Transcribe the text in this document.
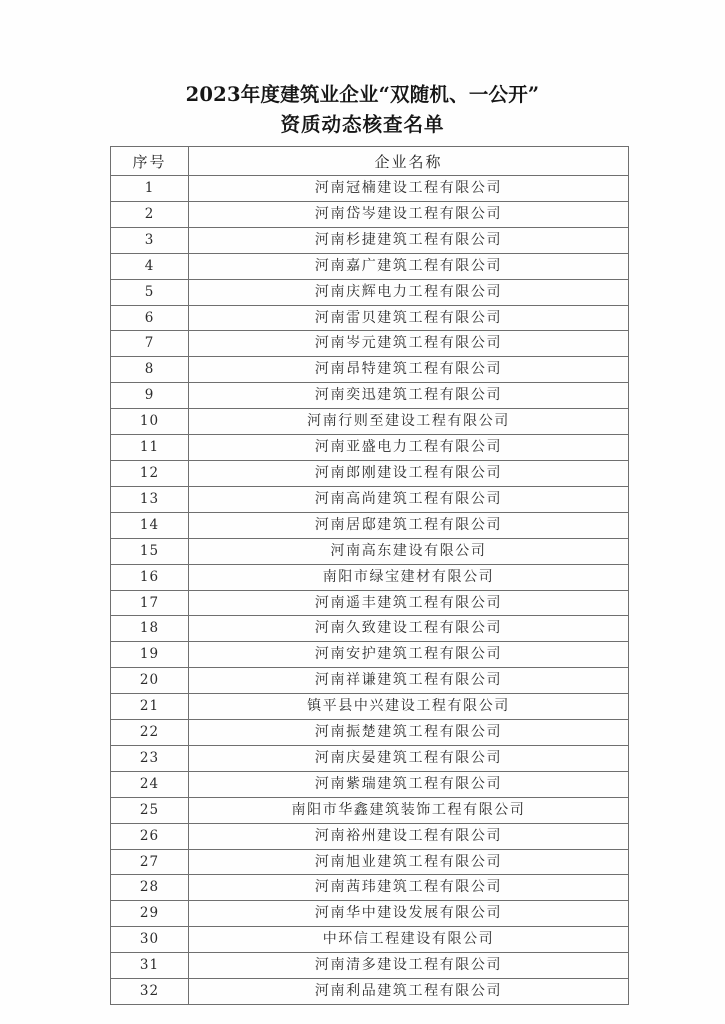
2023年度建筑业企业“双随机、一公开”
资质动态核查名单
序号	企业名称
1	河南冠楠建设工程有限公司
2	河南岱岑建设工程有限公司
3	河南杉捷建筑工程有限公司
4	河南嘉广建筑工程有限公司
5	河南庆辉电力工程有限公司
6	河南雷贝建筑工程有限公司
7	河南岑元建筑工程有限公司
8	河南昂特建筑工程有限公司
9	河南奕迅建筑工程有限公司
10	河南行则至建设工程有限公司
11	河南亚盛电力工程有限公司
12	河南郎刚建设工程有限公司
13	河南高尚建筑工程有限公司
14	河南居邸建筑工程有限公司
15	河南高东建设有限公司
16	南阳市绿宝建材有限公司
17	河南遥丰建筑工程有限公司
18	河南久致建设工程有限公司
19	河南安护建筑工程有限公司
20	河南祥谦建筑工程有限公司
21	镇平县中兴建设工程有限公司
22	河南振楚建筑工程有限公司
23	河南庆晏建筑工程有限公司
24	河南紫瑞建筑工程有限公司
25	南阳市华鑫建筑装饰工程有限公司
26	河南裕州建设工程有限公司
27	河南旭业建筑工程有限公司
28	河南茜玮建筑工程有限公司
29	河南华中建设发展有限公司
30	中环信工程建设有限公司
31	河南清多建设工程有限公司
32	河南利品建筑工程有限公司
